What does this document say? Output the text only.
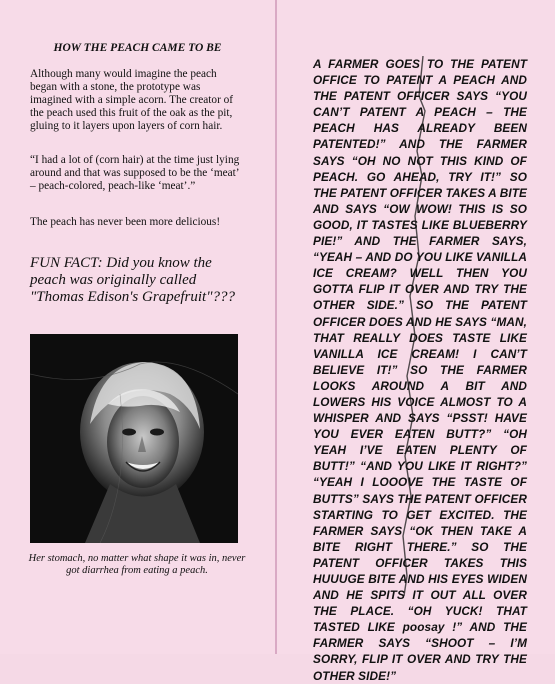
HOW THE PEACH CAME TO BE

Although many would imagine the peach began with a stone, the prototype was imagined with a simple acorn. The creator of the peach used this fruit of the oak as the pit, gluing to it layers upon layers of corn hair.

“I had a lot of (corn hair) at the time just lying around and that was supposed to be the ‘meat’ – peach-colored, peach-like ‘meat’.”

The peach has never been more delicious!

FUN FACT: Did you know the peach was originally called "Thomas Edison's Grapefruit"???

Her stomach, no matter what shape it was in, never got diarrhea from eating a peach.

A FARMER GOES TO THE PATENT OFFICE TO PATENT A PEACH AND THE PATENT OFFICER SAYS “YOU CAN’T PATENT A PEACH – THE PEACH HAS ALREADY BEEN PATENTED!” AND THE FARMER SAYS “OH NO NOT THIS KIND OF PEACH. GO AHEAD, TRY IT!” SO THE PATENT OFFICER TAKES A BITE AND SAYS “OW WOW! THIS IS SO GOOD, IT TASTES LIKE BLUEBERRY PIE!” AND THE FARMER SAYS, “YEAH – AND DO YOU LIKE VANILLA ICE CREAM? WELL THEN YOU GOTTA FLIP IT OVER AND TRY THE OTHER SIDE.” SO THE PATENT OFFICER DOES AND HE SAYS “MAN, THAT REALLY DOES TASTE LIKE VANILLA ICE CREAM! I CAN’T BELIEVE IT!” SO THE FARMER LOOKS AROUND A BIT AND LOWERS HIS VOICE ALMOST TO A WHISPER AND SAYS “PSST! HAVE YOU EVER EATEN BUTT?” “OH YEAH I’VE EATEN PLENTY OF BUTT!” “AND YOU LIKE IT RIGHT?” “YEAH I LOOOVE THE TASTE OF BUTTS” SAYS THE PATENT OFFICER STARTING TO GET EXCITED. THE FARMER SAYS “OK THEN TAKE A BITE RIGHT THERE.” SO THE PATENT OFFICER TAKES THIS HUUUGE BITE AND HIS EYES WIDEN AND HE SPITS IT OUT ALL OVER THE PLACE. “OH YUCK! THAT TASTED LIKE poosay !” AND THE FARMER SAYS “SHOOT – I’M SORRY, FLIP IT OVER AND TRY THE OTHER SIDE!”
